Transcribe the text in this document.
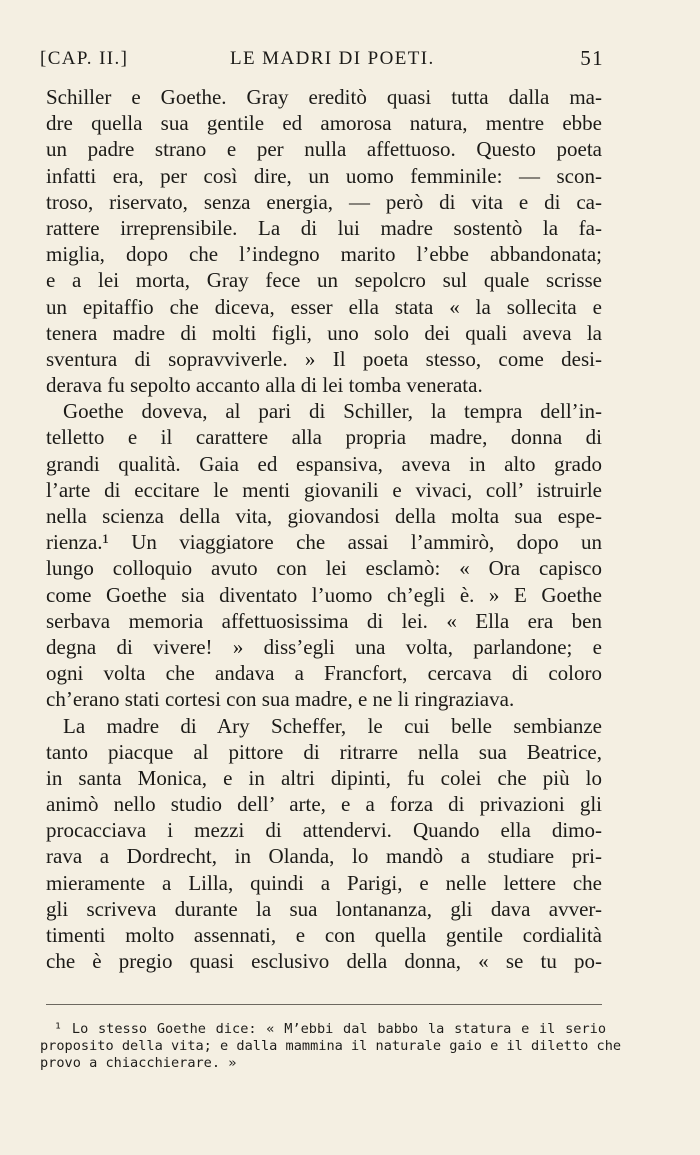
[CAP. II.]	LE MADRI DI POETI.	51
Schiller e Goethe. Gray ereditò quasi tutta dalla ma-
dre quella sua gentile ed amorosa natura, mentre ebbe
un padre strano e per nulla affettuoso. Questo poeta
infatti era, per così dire, un uomo femminile: — scon-
troso, riservato, senza energia, — però di vita e di ca-
rattere irreprensibile. La di lui madre sostentò la fa-
miglia, dopo che l’indegno marito l’ebbe abbandonata;
e a lei morta, Gray fece un sepolcro sul quale scrisse
un epitaffio che diceva, esser ella stata « la sollecita e
tenera madre di molti figli, uno solo dei quali aveva la
sventura di sopravviverle. » Il poeta stesso, come desi-
derava fu sepolto accanto alla di lei tomba venerata.
Goethe doveva, al pari di Schiller, la tempra dell’in-
telletto e il carattere alla propria madre, donna di
grandi qualità. Gaia ed espansiva, aveva in alto grado
l’arte di eccitare le menti giovanili e vivaci, coll’ istruirle
nella scienza della vita, giovandosi della molta sua espe-
rienza.¹ Un viaggiatore che assai l’ammirò, dopo un
lungo colloquio avuto con lei esclamò: « Ora capisco
come Goethe sia diventato l’uomo ch’egli è. » E Goethe
serbava memoria affettuosissima di lei. « Ella era ben
degna di vivere! » diss’egli una volta, parlandone; e
ogni volta che andava a Francfort, cercava di coloro
ch’erano stati cortesi con sua madre, e ne li ringraziava.
La madre di Ary Scheffer, le cui belle sembianze
tanto piacque al pittore di ritrarre nella sua Beatrice,
in santa Monica, e in altri dipinti, fu colei che più lo
animò nello studio dell’ arte, e a forza di privazioni gli
procacciava i mezzi di attendervi. Quando ella dimo-
rava a Dordrecht, in Olanda, lo mandò a studiare pri-
mieramente a Lilla, quindi a Parigi, e nelle lettere che
gli scriveva durante la sua lontananza, gli dava avver-
timenti molto assennati, e con quella gentile cordialità
che è pregio quasi esclusivo della donna, « se tu po-
¹ Lo stesso Goethe dice: « M’ebbi dal babbo la statura e il serio
proposito della vita; e dalla mammina il naturale gaio e il diletto che
provo a chiacchierare. »
